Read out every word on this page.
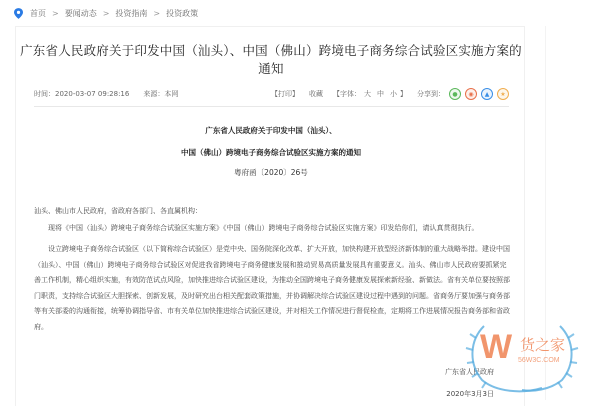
首页 > 要闻动态 > 投资指南 > 投资政策
广东省人民政府关于印发中国（汕头）、中国（佛山）跨境电子商务综合试验区实施方案的通知
时间：2020-03-07 09:28:16 来源：本网	【打印】 收藏 【字体： 大 中 小 】 分享到：	●	◉	▲	★
广东省人民政府关于印发中国（汕头）、
中国（佛山）跨境电子商务综合试验区实施方案的通知
粤府函〔2020〕26号
汕头、佛山市人民政府，省政府各部门、各直属机构：
现将《中国（汕头）跨境电子商务综合试验区实施方案》《中国（佛山）跨境电子商务综合试验区实施方案》印发给你们，请认真贯彻执行。
设立跨境电子商务综合试验区（以下简称综合试验区）是党中央、国务院深化改革、扩大开放，加快构建开放型经济新体制的重大战略举措。建设中国
（汕头）、中国（佛山）跨境电子商务综合试验区对促进我省跨境电子商务健康发展和推动贸易高质量发展具有重要意义。汕头、佛山市人民政府要抓紧完
善工作机制，精心组织实施，有效防范试点风险，加快推进综合试验区建设，为推动全国跨境电子商务健康发展探索新经验、新做法。省有关单位要按照部
门职责，支持综合试验区大胆探索、创新发展，及时研究出台相关配套政策措施，并协调解决综合试验区建设过程中遇到的问题。省商务厅要加强与商务部
等有关部委的沟通衔接，统筹协调指导省、市有关单位加快推进综合试验区建设，并对相关工作情况进行督促检查，定期将工作进展情况报告商务部和省政
府。
广东省人民政府
2020年3月3日
W 货之家
56W3C.COM
